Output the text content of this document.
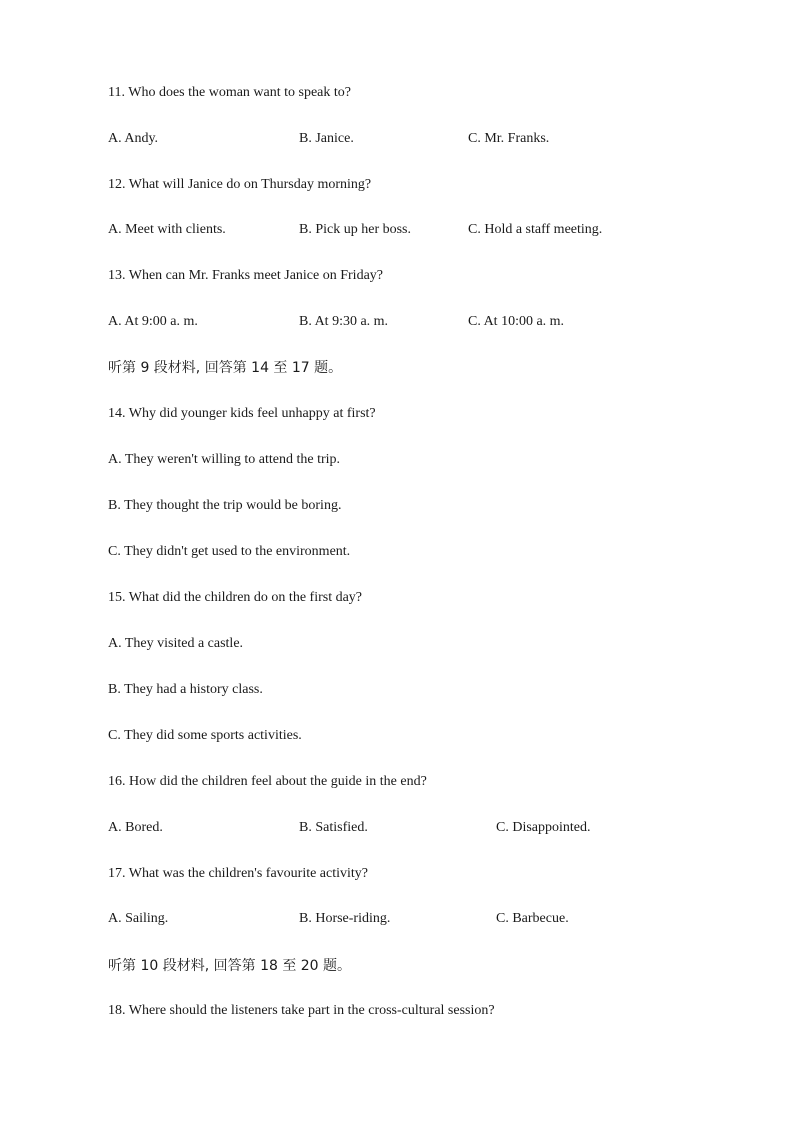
11. Who does the woman want to speak to?
A. Andy.	B. Janice.	C. Mr. Franks.
12. What will Janice do on Thursday morning?
A. Meet with clients.	B. Pick up her boss.	C. Hold a staff meeting.
13. When can Mr. Franks meet Janice on Friday?
A. At 9:00 a. m.	B. At 9:30 a. m.	C. At 10:00 a. m.
听第 9 段材料, 回答第 14 至 17 题。
14. Why did younger kids feel unhappy at first?
A. They weren't willing to attend the trip.
B. They thought the trip would be boring.
C. They didn't get used to the environment.
15. What did the children do on the first day?
A. They visited a castle.
B. They had a history class.
C. They did some sports activities.
16. How did the children feel about the guide in the end?
A. Bored.	B. Satisfied.	C. Disappointed.
17. What was the children's favourite activity?
A. Sailing.	B. Horse-riding.	C. Barbecue.
听第 10 段材料, 回答第 18 至 20 题。
18. Where should the listeners take part in the cross-cultural session?
